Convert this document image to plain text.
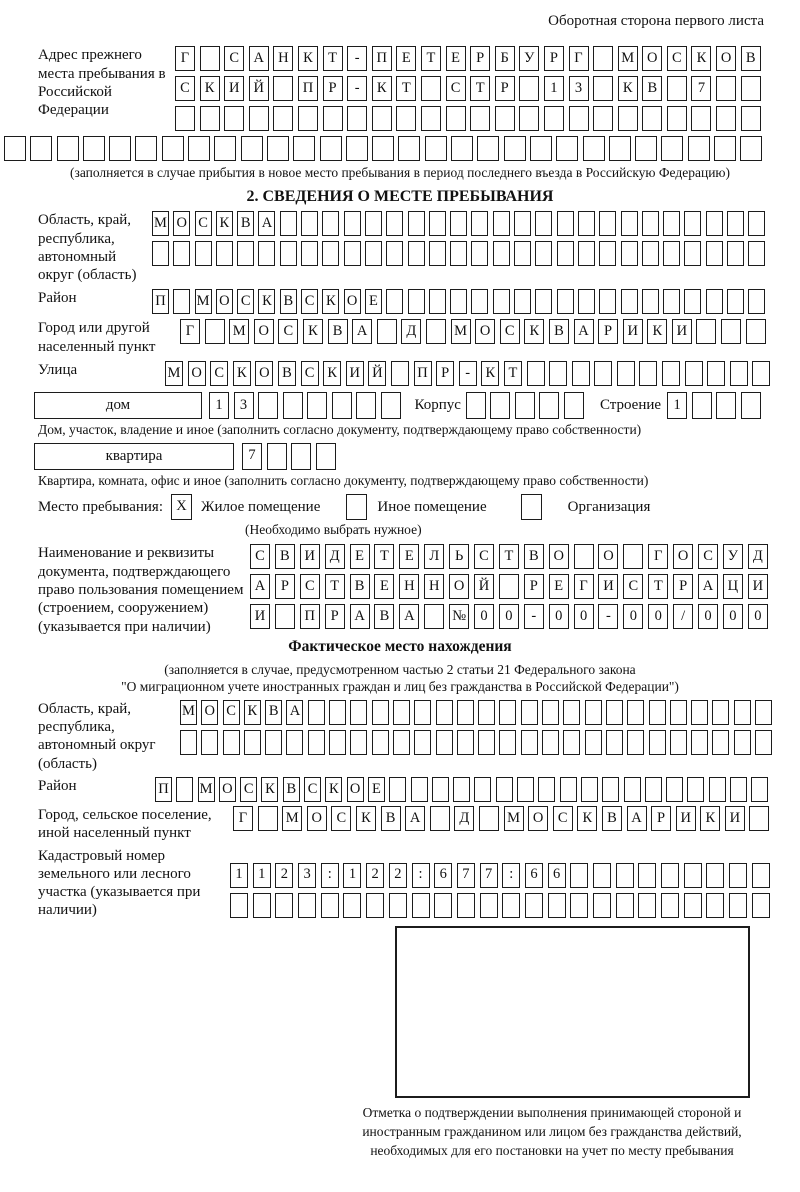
Оборотная сторона первого листа
Адрес прежнего места пребывания в Российской Федерации
Г	С	А Н	К	Т	-	П	Е	Т	Е	Р	Б	У	Р	Г	М О	С	К	О	В
С	К	И Й	П	Р	-	К	Т	С	Т	Р	1	3	К	В	7
(заполняется в случае прибытия в новое место пребывания в период последнего въезда в Российскую Федерацию)
2. СВЕДЕНИЯ О МЕСТЕ ПРЕБЫВАНИЯ
Область, край, республика, автономный округ (область)
М О С К В А
Район	П М О С К В С К О Е
Город или другой населенный пункт
Г	М О	С	К	В	А	Д	М О	С	К	В	А	Р	И	К	И
Улица	М О С К О В С К И Й П Р	-	К Т
дом	1	3	Корпус	Строение 1
Дом, участок, владение и иное (заполнить согласно документу, подтверждающему право собственности)
квартира	7
Квартира, комната, офис и иное (заполнить согласно документу, подтверждающему право собственности)
Место пребывания: X Жилое помещение	Иное помещение	Организация
(Необходимо выбрать нужное)
Наименование и реквизиты документа, подтверждающего право пользования помещением (строением, сооружением) (указывается при наличии)
С	В	И	Д	Е	Т	Е	Л	Ь	С	Т	В	О	О	Г	О	С	У	Д
А	Р	С	Т	В	Е	Н Н О Й	Р	Е	Г	И	С	Т	Р	А Ц И
И	П	Р	А	В	А	№ 0	0	-	0	0	-	0	0	/	0	0	0
Фактическое место нахождения
(заполняется в случае, предусмотренном частью 2 статьи 21 Федерального закона
"О миграционном учете иностранных граждан и лиц без гражданства в Российской Федерации")
Область, край, республика, автономный округ (область)
М О С К В А
Район	П М О С К В С К О Е
Город, сельское поселение, иной населенный пункт
Г	М О	С	К	В	А	Д	М О	С	К	В	А	Р	И	К	И
Кадастровый номер земельного или лесного участка (указывается при наличии)
1	1	2	3	:	1	2	2	:	6	7	7	:	6	6
Отметка о подтверждении выполнения принимающей стороной и иностранным гражданином или лицом без гражданства действий, необходимых для его постановки на учет по месту пребывания
